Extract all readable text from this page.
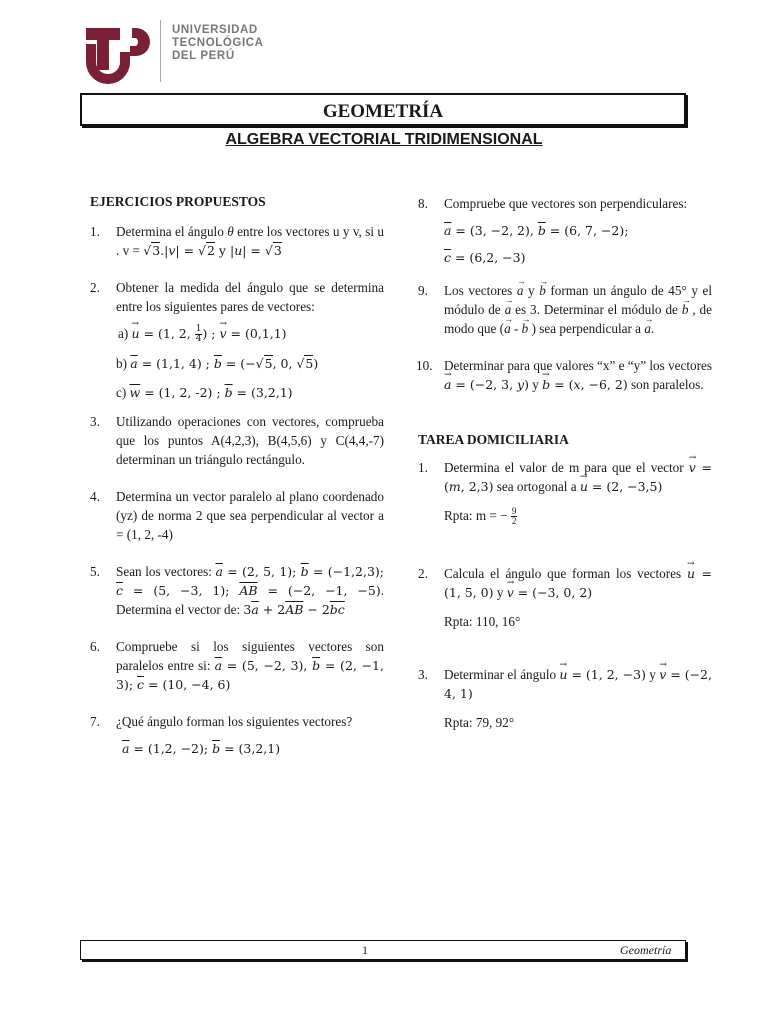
UNIVERSIDAD
TECNOLÓGICA
DEL PERÚ
GEOMETRÍA
ALGEBRA VECTORIAL TRIDIMENSIONAL
EJERCICIOS PROPUESTOS
1. Determina el ángulo θ entre los vectores u y v, si u . v = √3.|v| = √2 y |u| = √3
2. Obtener la medida del ángulo que se determina entre los siguientes pares de vectores:
a) → u = (1, 2, $\frac{1}{4}$ ) ; → v = (0,1,1)
b) $\overline{a} = (1,1$, 4) ; $\overline{b} = (-√5$, 0, √5)
c) $\overline{w} = (1$, 2, -2) ; $\overline{b} = (3,2,1)$
3. Utilizando operaciones con vectores, comprueba que los puntos A(4,2,3), B(4,5,6) y C(4,4,-7) determinan un triángulo rectángulo.
4. Determina un vector paralelo al plano coordenado (yz) de norma 2 que sea perpendicular al vector a = (1, 2, -4)
5. Sean los vectores: $\overline{a} = (2$, 5, 1); $\overline{b} = (-1,2,3)$; $\overline{c} = (5$, −3, 1); $\overline{AB} = (-2$, −1, −5). Determina el vector de: $3\overline{a} + 2\overline{AB} - 2\overline{bc}$
6. Compruebe si los siguientes vectores son paralelos entre si: $\overline{a} = (5$, −2, 3), $\overline{b} = (2$, −1, 3); $\overline{c} = (10$, −4, 6)
7. ¿Qué ángulo forman los siguientes vectores?
$\overline{a} = (1,2$, −2); $\overline{b} = (3,2,1)$
8. Compruebe que vectores son perpendiculares:
$\overline{a} = (3$, −2, 2), $\overline{b} = (6$, 7, −2);
$\overline{c} = (6,2$, −3)
9. Los vectores → a y → b forman un ángulo de 45° y el módulo de → a es 3. Determinar el módulo de → b , de modo que (→ a - → b ) sea perpendicular a → a.
10. Determinar para que valores “x” e “y” los vectores → a = (−2, 3, y) y → b = (x, −6, 2) son paralelos.
TAREA DOMICILIARIA
1. Determina el valor de m para que el vector → v = (m, 2,3) sea ortogonal a → u = (2, −3,5)
Rpta: m = − $\frac{9}{2}$
2. Calcula el ángulo que forman los vectores → u = (1, 5, 0) y → v = (−3, 0, 2)
Rpta: 110, 16°
3. Determinar el ángulo → u = (1, 2, −3) y → v = (−2, 4, 1)
Rpta: 79, 92°
1	Geometría
